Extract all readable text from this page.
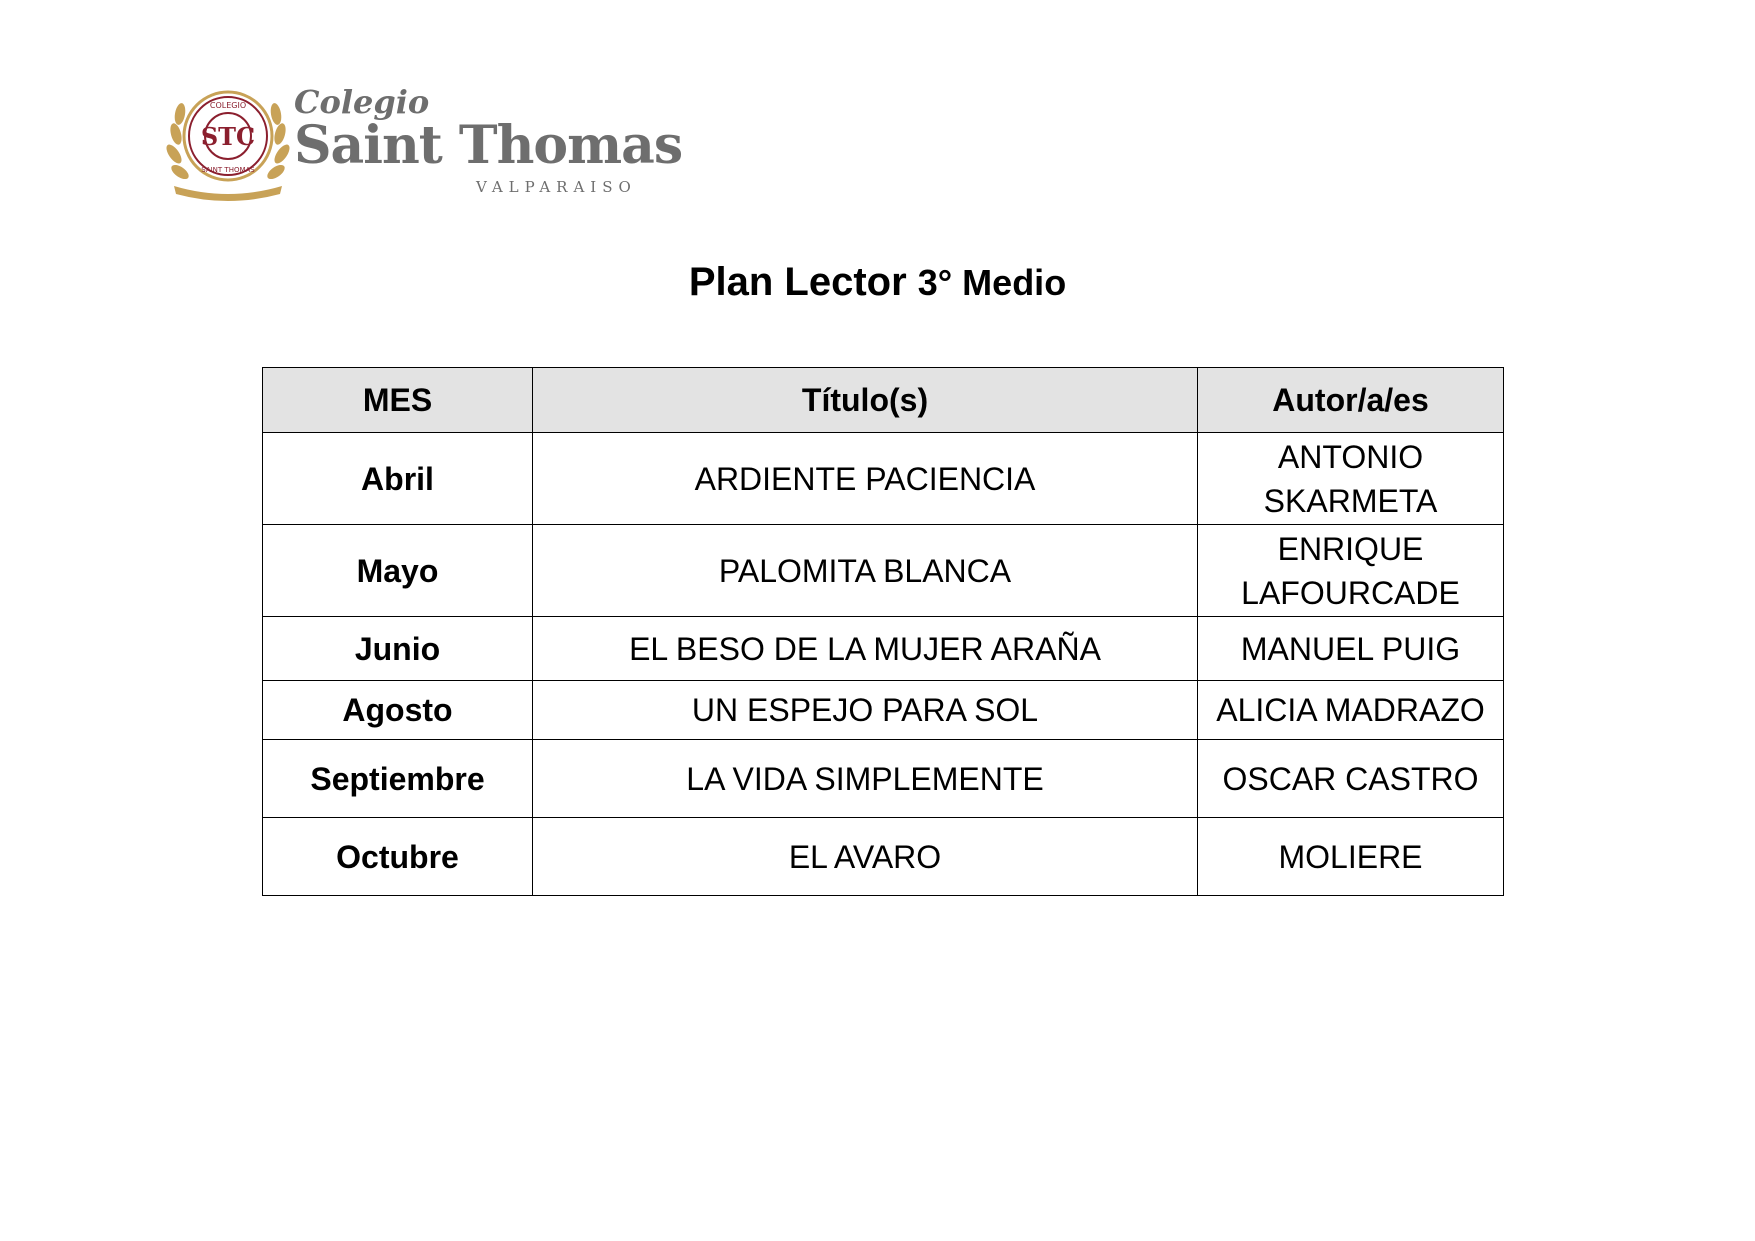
STC
COLEGIO
SAINT THOMAS
Colegio
Saint Thomas
VALPARAISO
Plan Lector 3° Medio
MES	Título(s)	Autor/a/es
Abril	ARDIENTE PACIENCIA	ANTONIO SKARMETA
Mayo	PALOMITA BLANCA	ENRIQUE LAFOURCADE
Junio	EL BESO DE LA MUJER ARAÑA	MANUEL PUIG
Agosto	UN ESPEJO PARA SOL	ALICIA MADRAZO
Septiembre	LA VIDA SIMPLEMENTE	OSCAR CASTRO
Octubre	EL AVARO	MOLIERE
